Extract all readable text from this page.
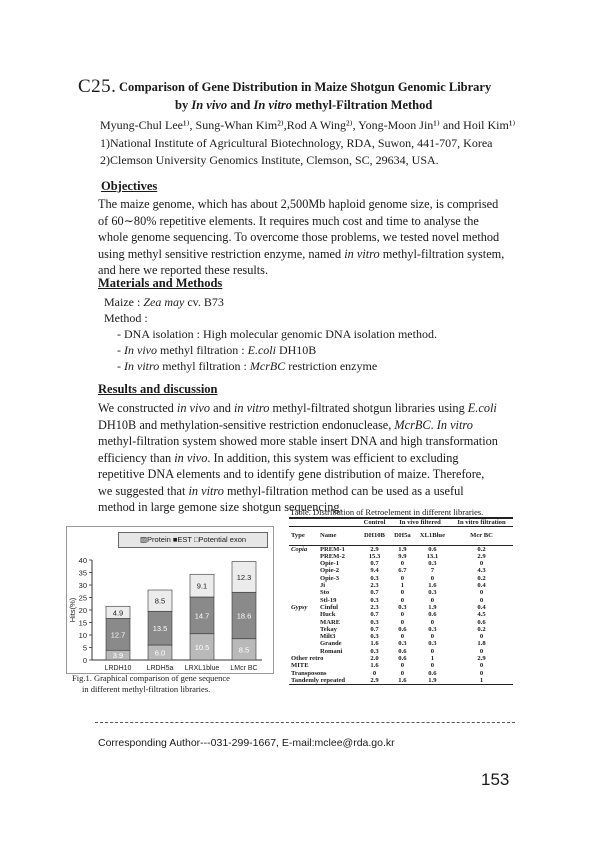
C25. Comparison of Gene Distribution in Maize Shotgun Genomic Library
by In vivo and In vitro methyl-Filtration Method
Myung-Chul Lee¹⁾, Sung-Whan Kim²⁾,Rod A Wing²⁾, Yong-Moon Jin¹⁾ and Hoil Kim¹⁾
1)National Institute of Agricultural Biotechnology, RDA, Suwon, 441-707, Korea
2)Clemson University Genomics Institute, Clemson, SC, 29634, USA.
Objectives
The maize genome, which has about 2,500Mb haploid genome size, is comprised
of 60∼80% repetitive elements. It requires much cost and time to analyse the
whole genome sequencing. To overcome those problems, we tested novel method
using methyl sensitive restriction enzyme, named in vitro methyl-filtration system,
and here we reported these results.
Materials and Methods
Maize : Zea may cv. B73
Method :
- DNA isolation : High molecular genomic DNA isolation method.
- In vivo methyl filtration : E.coli DH10B
- In vitro methyl filtration : McrBC restriction enzyme
Results and discussion
We constructed in vivo and in vitro methyl-filtrated shotgun libraries using E.coli
DH10B and methylation-sensitive restriction endonuclease, McrBC. In vitro
methyl-filtration system showed more stable insert DNA and high transformation
efficiency than in vivo. In addition, this system was efficient to excluding
repetitive DNA elements and to identify gene distribution of maize. Therefore,
we suggested that in vitro methyl-filtration method can be used as a useful
method in large gemone size shotgun sequencing.
▨Protein ■EST □Potential exon
0
5
10
15
20
25
30
35
40
Hits(%)
3.9
12.7
4.9
LRDH10
6.0
13.5
8.5
LRDH5a
10.5
14.7
9.1
LRXL1blue
8.5
18.6
12.3
LMcr BC
Fig.1. Graphical comparison of gene sequence
in different methyl-filtration libraries.
Table. Distribution of Retroelement in different libraries.
		Control	In vivo filtered		In vitro filtration
Type	Name	DH10B	DH5a	XL1Blue	Mcr BC
Copia	PREM-1	2.9	1.9	0.6	0.2
	PREM-2	15.3	9.9	13.1	2.9
	Opie-1	0.7	0	0.3	0
	Opie-2	9.4	6.7	7	4.3
	Opie-3	0.3	0	0	0.2
	Ji	2.3	1	1.6	0.4
	Sto	0.7	0	0.3	0
	Stl-19	0.3	0	0	0
Gypsy	Cinful	2.3	0.3	1.9	0.4
	Huck	0.7	0	0.6	4.5
	MARE	0.3	0	0	0.6
	Tekay	0.7	0.6	0.3	0.2
	Milt3	0.3	0	0	0
	Grande	1.6	0.3	0.3	1.8
	Romani	0.3	0.6	0	0
Other retro		2.0	0.6	1	2.9
MITE		1.6	0	0	0
Transposons		0	0	0.6	0
Tandemly repeated		2.9	1.6	1.9	1
Corresponding Author---031-299-1667, E-mail:mclee@rda.go.kr
153
